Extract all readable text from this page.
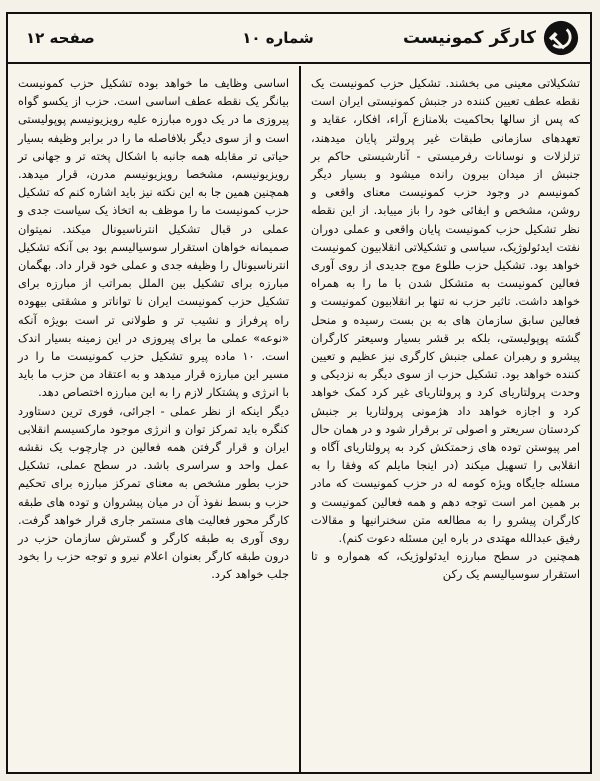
کارگر کمونیست
شماره ۱۰
صفحه ۱۲

تشکیلاتی معینی می بخشند. تشکیل حزب کمونیست یک نقطه عطف تعیین کننده در جنبش کمونیستی ایران است که پس از سالها بحاکمیت بلامنازع آراء، افکار، عقاید و تعهدهای سازمانی طبقات غیر پرولتر پایان میدهند، تزلزلات و نوسانات رفرمیستی - آنارشیستی حاکم بر جنبش از میدان بیرون رانده میشود و بسیار دیگر کمونیسم در وجود حزب کمونیست معنای واقعی و روشن، مشخص و ایفائی خود را باز مییابد. از این نقطه نظر تشکیل حزب کمونیست پایان واقعی و عملی دوران نفتت ایدئولوژیک، سیاسی و تشکیلاتی انقلابیون کمونیست خواهد بود. تشکیل حزب طلوع موج جدیدی از روی آوری فعالین کمونیست به متشکل شدن با ما را به همراه خواهد داشت. تاثیر حزب نه تنها بر انقلابیون کمونیست و فعالین سابق سازمان های به بن بست رسیده و منحل گشته پوپولیستی، بلکه بر قشر بسیار وسیعتر کارگران پیشرو و رهبران عملی جنبش کارگری نیز عظیم و تعیین کننده خواهد بود. تشکیل حزب از سوی دیگر به نزدیکی و وحدت پرولتاریای کرد و پرولتاریای غیر کرد کمک خواهد کرد و اجازه خواهد داد هژمونی پرولتاریا بر جنبش کردستان سریعتر و اصولی تر برقرار شود و در همان حال امر پیوستن توده های زحمتکش کرد به پرولتاریای آگاه و انقلابی را تسهیل میکند (در اینجا مایلم که وفقا را به مسئله جایگاه ویژه کومه له در حزب کمونیست که مادر بر همین امر است توجه دهم و همه فعالین کمونیست و کارگران پیشرو را به مطالعه متن سخنرانیها و مقالات رفیق عبدالله مهتدی در باره این مسئله دعوت کنم).

همچنین در سطح مبارزه ایدئولوژیک، که همواره و تا استقرار سوسیالیسم یک رکن

اساسی وظایف ما خواهد بوده تشکیل حزب کمونیست بیانگر یک نقطه عطف اساسی است. حزب از یکسو گواه پیروزی ما در یک دوره مبارزه علیه رویزیونیسم پوپولیستی است و از سوی دیگر بلافاصله ما را در برابر وظیفه بسیار حیاتی تر مقابله همه جانبه با اشکال پخته تر و جهانی تر رویزیونیسم، مشخصا رویزیونیسم مدرن، قرار میدهد. همچنین همین جا به این نکته نیز باید اشاره کنم که تشکیل حزب کمونیست ما را موظف به اتخاذ یک سیاست جدی و عملی در قبال تشکیل انترناسیونال میکند. نمیتوان صمیمانه خواهان استقرار سوسیالیسم بود بی آنکه تشکیل انترناسیونال را وظیفه جدی و عملی خود قرار داد. بهگمان مبارزه برای تشکیل بین الملل بمراتب از مبارزه برای تشکیل حزب کمونیست ایران نا تواناتر و مشقتی بیهوده راه پرفراز و نشیب تر و طولانی تر است بویژه آنکه «نوعه» عملی ما برای پیروزی در این زمینه بسیار اندک است. ۱۰ ماده پیرو تشکیل حزب کمونیست ما را در مسیر این مبارزه قرار میدهد و به اعتقاد من حزب ما باید با انرژی و پشتکار لازم را به این مبارزه اختصاص دهد.

دیگر اینکه از نظر عملی - اجرائی، فوری ترین دستاورد کنگره باید تمرکز توان و انرژی موجود مارکسیسم انقلابی ایران و قرار گرفتن همه فعالین در چارچوب یک نقشه عمل واحد و سراسری باشد. در سطح عملی، تشکیل حزب بطور مشخص به معنای تمرکز مبارزه برای تحکیم حزب و بسط نفوذ آن در میان پیشروان و توده های طبقه کارگر محور فعالیت های مستمر جاری قرار خواهد گرفت. روی آوری به طبقه کارگر و گسترش سازمان حزب در درون طبقه کارگر بعنوان اعلام نیرو و توجه حزب را بخود جلب خواهد کرد.
